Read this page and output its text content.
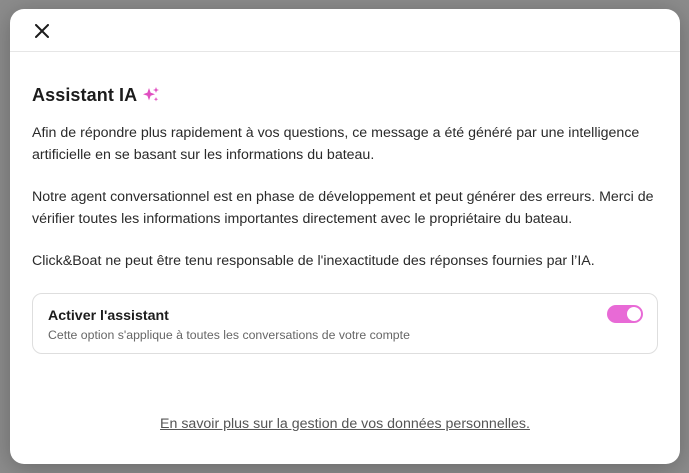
Assistant IA

Afin de répondre plus rapidement à vos questions, ce message a été généré par une intelligence artificielle en se basant sur les informations du bateau.

Notre agent conversationnel est en phase de développement et peut générer des erreurs. Merci de vérifier toutes les informations importantes directement avec le propriétaire du bateau.

Click&Boat ne peut être tenu responsable de l'inexactitude des réponses fournies par l’IA.

Activer l'assistant
Cette option s'applique à toutes les conversations de votre compte
En savoir plus sur la gestion de vos données personnelles.
